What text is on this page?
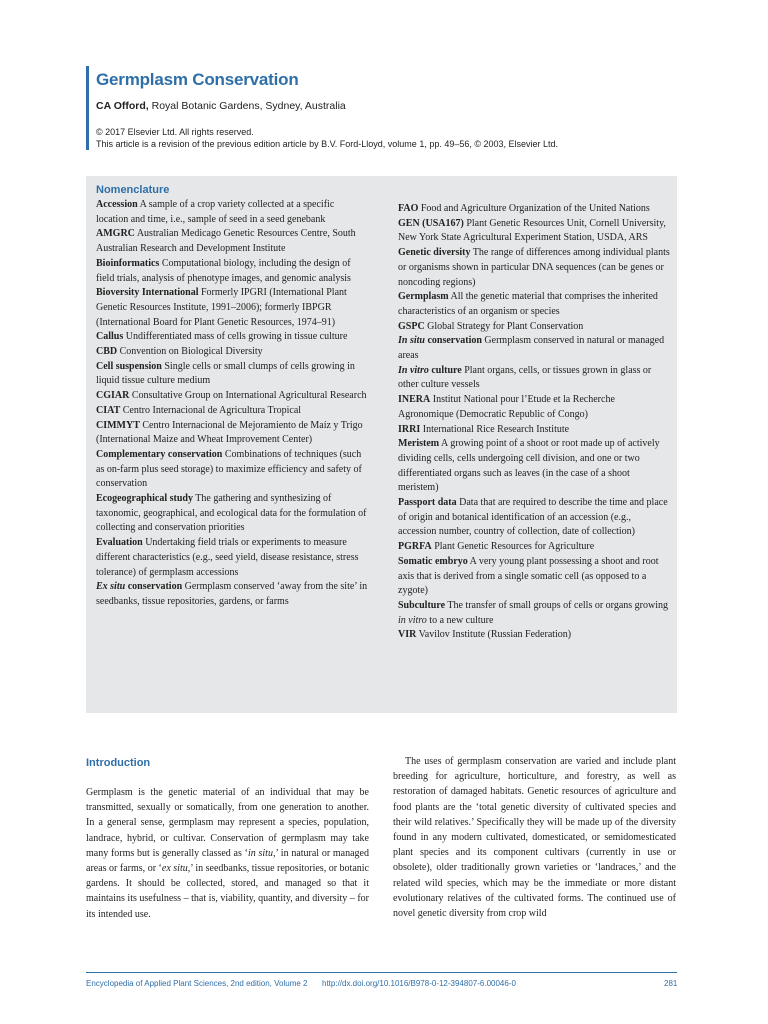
Germplasm Conservation
CA Offord, Royal Botanic Gardens, Sydney, Australia
© 2017 Elsevier Ltd. All rights reserved.
This article is a revision of the previous edition article by B.V. Ford-Lloyd, volume 1, pp. 49–56, © 2003, Elsevier Ltd.
Nomenclature

Accession A sample of a crop variety collected at a specific location and time, i.e., sample of seed in a seed genebank

AMGRC Australian Medicago Genetic Resources Centre, South Australian Research and Development Institute

Bioinformatics Computational biology, including the design of field trials, analysis of phenotype images, and genomic analysis

Bioversity International Formerly IPGRI (International Plant Genetic Resources Institute, 1991–2006); formerly IBPGR (International Board for Plant Genetic Resources, 1974–91)

Callus Undifferentiated mass of cells growing in tissue culture

CBD Convention on Biological Diversity

Cell suspension Single cells or small clumps of cells growing in liquid tissue culture medium

CGIAR Consultative Group on International Agricultural Research

CIAT Centro Internacional de Agricultura Tropical

CIMMYT Centro Internacional de Mejoramiento de Maíz y Trigo (International Maize and Wheat Improvement Center)

Complementary conservation Combinations of techniques (such as on-farm plus seed storage) to maximize efficiency and safety of conservation

Ecogeographical study The gathering and synthesizing of taxonomic, geographical, and ecological data for the formulation of collecting and conservation priorities

Evaluation Undertaking field trials or experiments to measure different characteristics (e.g., seed yield, disease resistance, stress tolerance) of germplasm accessions

Ex situ conservation Germplasm conserved ‘away from the site’ in seedbanks, tissue repositories, gardens, or farms

FAO Food and Agriculture Organization of the United Nations

GEN (USA167) Plant Genetic Resources Unit, Cornell University, New York State Agricultural Experiment Station, USDA, ARS

Genetic diversity The range of differences among individual plants or organisms shown in particular DNA sequences (can be genes or noncoding regions)

Germplasm All the genetic material that comprises the inherited characteristics of an organism or species

GSPC Global Strategy for Plant Conservation

In situ conservation Germplasm conserved in natural or managed areas

In vitro culture Plant organs, cells, or tissues grown in glass or other culture vessels

INERA Institut National pour l’Etude et la Recherche Agronomique (Democratic Republic of Congo)

IRRI International Rice Research Institute

Meristem A growing point of a shoot or root made up of actively dividing cells, cells undergoing cell division, and one or two differentiated organs such as leaves (in the case of a shoot meristem)

Passport data Data that are required to describe the time and place of origin and botanical identification of an accession (e.g., accession number, country of collection, date of collection)

PGRFA Plant Genetic Resources for Agriculture

Somatic embryo A very young plant possessing a shoot and root axis that is derived from a single somatic cell (as opposed to a zygote)

Subculture The transfer of small groups of cells or organs growing in vitro to a new culture

VIR Vavilov Institute (Russian Federation)

Introduction
Germplasm is the genetic material of an individual that may be transmitted, sexually or somatically, from one generation to another. In a general sense, germplasm may represent a species, population, landrace, hybrid, or cultivar. Conservation of germplasm may take many forms but is generally classed as ‘in situ,’ in natural or managed areas or farms, or ‘ex situ,’ in seedbanks, tissue repositories, or botanic gardens. It should be collected, stored, and managed so that it maintains its usefulness – that is, viability, quantity, and diversity – for its intended use.
The uses of germplasm conservation are varied and include plant breeding for agriculture, horticulture, and forestry, as well as restoration of damaged habitats. Genetic resources of agriculture and food plants are the ‘total genetic diversity of cultivated species and their wild relatives.’ Specifically they will be made up of the diversity found in any modern cultivated, domesticated, or semidomesticated plant species and its component cultivars (currently in use or obsolete), older traditionally grown varieties or ‘landraces,’ and the related wild species, which may be the immediate or more distant evolutionary relatives of the cultivated forms. The continued use of novel genetic diversity from crop wild
Encyclopedia of Applied Plant Sciences, 2nd edition, Volume 2 http://dx.doi.org/10.1016/B978-0-12-394807-6.00046-0	281
